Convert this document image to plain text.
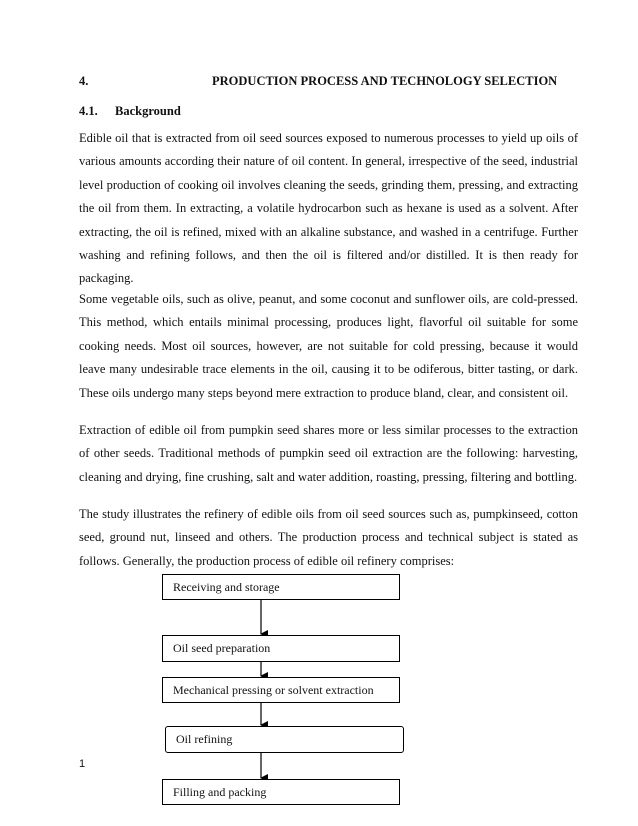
4.	PRODUCTION PROCESS AND TECHNOLOGY SELECTION
4.1. Background

Edible oil that is extracted from oil seed sources exposed to numerous processes to yield up oils of various amounts according their nature of oil content. In general, irrespective of the seed, industrial level production of cooking oil involves cleaning the seeds, grinding them, pressing, and extracting the oil from them. In extracting, a volatile hydrocarbon such as hexane is used as a solvent. After extracting, the oil is refined, mixed with an alkaline substance, and washed in a centrifuge. Further washing and refining follows, and then the oil is filtered and/or distilled. It is then ready for packaging.

Some vegetable oils, such as olive, peanut, and some coconut and sunflower oils, are cold-pressed. This method, which entails minimal processing, produces light, flavorful oil suitable for some cooking needs. Most oil sources, however, are not suitable for cold pressing, because it would leave many undesirable trace elements in the oil, causing it to be odiferous, bitter tasting, or dark. These oils undergo many steps beyond mere extraction to produce bland, clear, and consistent oil.

Extraction of edible oil from pumpkin seed shares more or less similar processes to the extraction of other seeds. Traditional methods of pumpkin seed oil extraction are the following: harvesting, cleaning and drying, fine crushing, salt and water addition, roasting, pressing, filtering and bottling.

The study illustrates the refinery of edible oils from oil seed sources such as, pumpkinseed, cotton seed, ground nut, linseed and others. The production process and technical subject is stated as follows. Generally, the production process of edible oil refinery comprises:

Receiving and storage
Oil seed preparation
Mechanical pressing or solvent extraction
Oil refining
Filling and packing
1
